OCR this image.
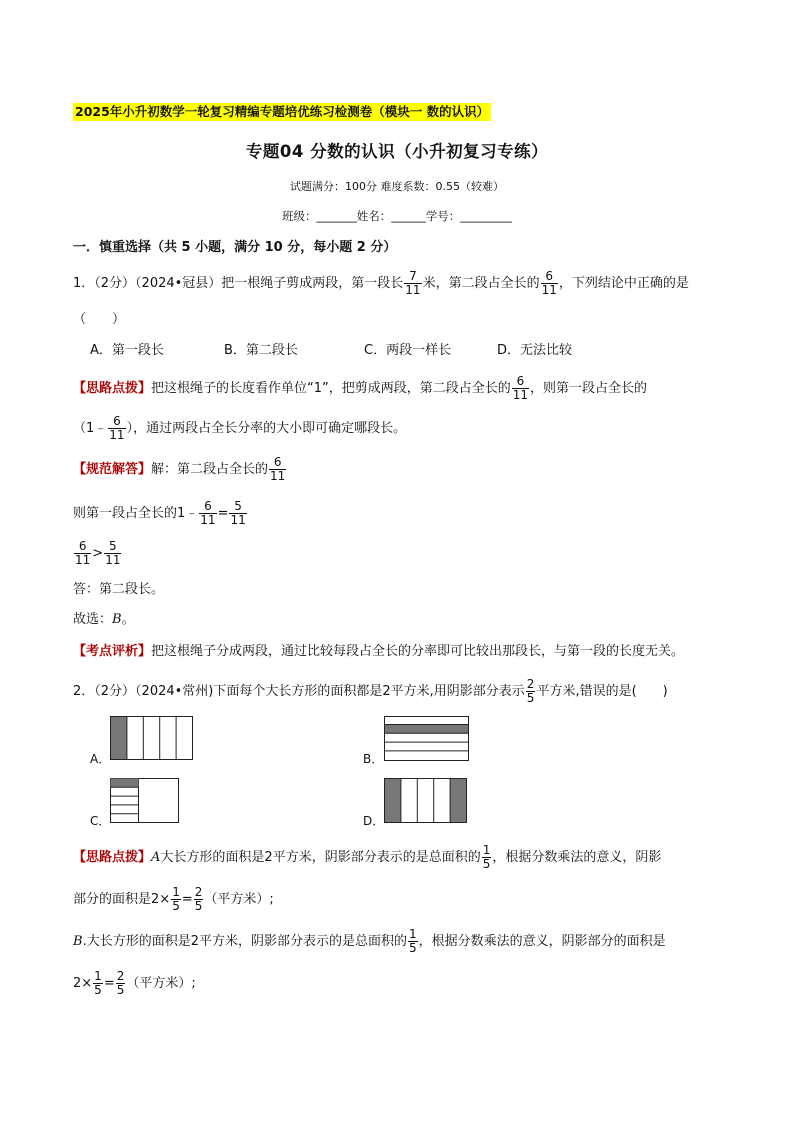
2025年小升初数学一轮复习精编专题培优练习检测卷（模块一 数的认识）
专题04 分数的认识（小升初复习专练）
试题满分：100分 难度系数：0.55（较难）
班级：_______姓名：______学号：_________
一．慎重选择（共 5 小题，满分 10 分，每小题 2 分）
1．（2分）（2024•冠县）把一根绳子剪成两段，第一段长 $\frac{7}{11}$ 米，第二段占全长的 $\frac{6}{11}$ ，下列结论中正确的是
（　　）
A．第一段长	B．第二段长	C．两段一样长	D．无法比较
【思路点拨】把这根绳子的长度看作单位“1”，把剪成两段，第二段占全长的 $\frac{6}{11}$ ，则第一段占全长的
（1﹣ $\frac{6}{11}$ ），通过两段占全长分率的大小即可确定哪段长。
【规范解答】解：第二段占全长的 $\frac{6}{11}$
则第一段占全长的1﹣ $\frac{6}{11} = \frac{5}{11}$
$\frac{6}{11} > \frac{5}{11}$
答：第二段长。
故选：B。
【考点评析】把这根绳子分成两段，通过比较每段占全长的分率即可比较出那段长，与第一段的长度无关。
2．（2分）（2024•常州)下面每个大长方形的面积都是2平方米,用阴影部分表示 $\frac{2}{5}$ 平方米,错误的是(　　)
A．	B．
C．	D．
【思路点拨】A大长方形的面积是2平方米，阴影部分表示的是总面积的 $\frac{1}{5}$ ，根据分数乘法的意义，阴影
部分的面积是$2\times \frac{1}{5} = \frac{2}{5}$ （平方米）;
B.大长方形的面积是2平方米，阴影部分表示的是总面积的 $\frac{1}{5}$ ，根据分数乘法的意义，阴影部分的面积是
$2\times \frac{1}{5} = \frac{2}{5}$ （平方米）;
